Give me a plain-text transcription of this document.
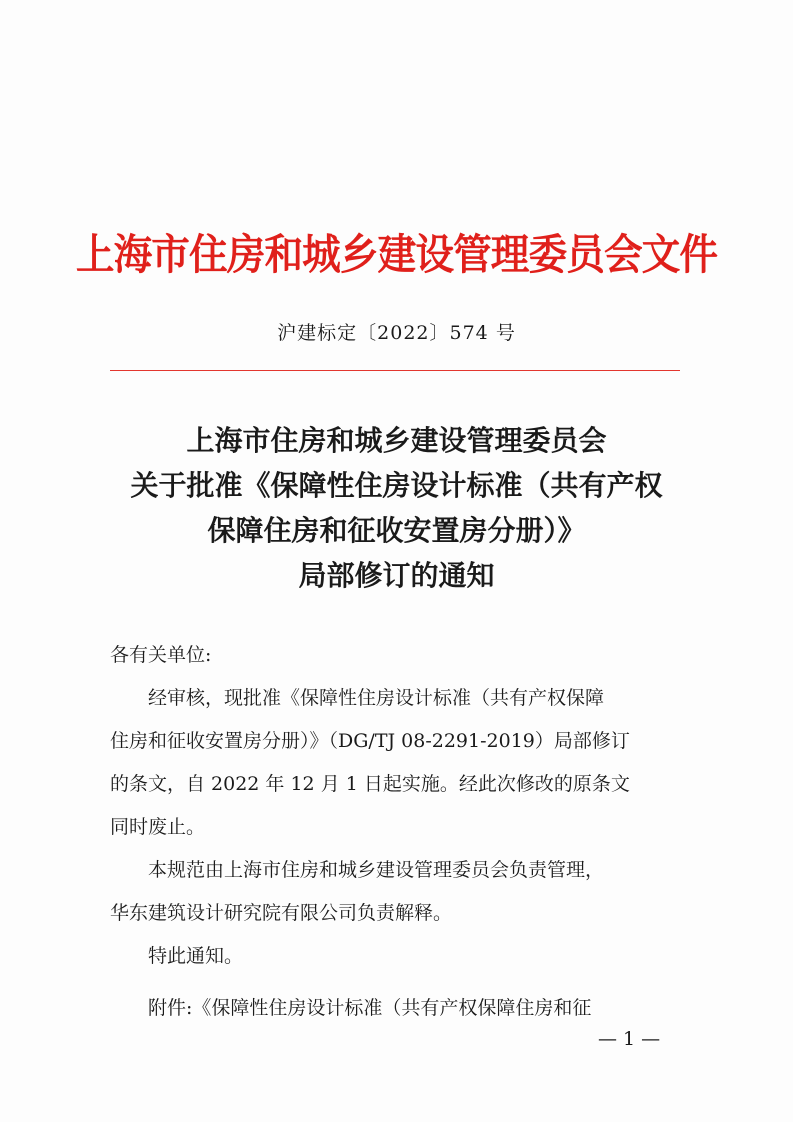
上海市住房和城乡建设管理委员会文件
沪建标定〔2022〕574 号
上海市住房和城乡建设管理委员会
关于批准《保障性住房设计标准（共有产权
保障住房和征收安置房分册）》
局部修订的通知
各有关单位:
经审核，现批准《保障性住房设计标准（共有产权保障
住房和征收安置房分册）》（DG/TJ 08-2291-2019）局部修订
的条文，自 2022 年 12 月 1 日起实施。经此次修改的原条文
同时废止。
本规范由上海市住房和城乡建设管理委员会负责管理，
华东建筑设计研究院有限公司负责解释。
特此通知。
附件:《保障性住房设计标准（共有产权保障住房和征
— 1 —
